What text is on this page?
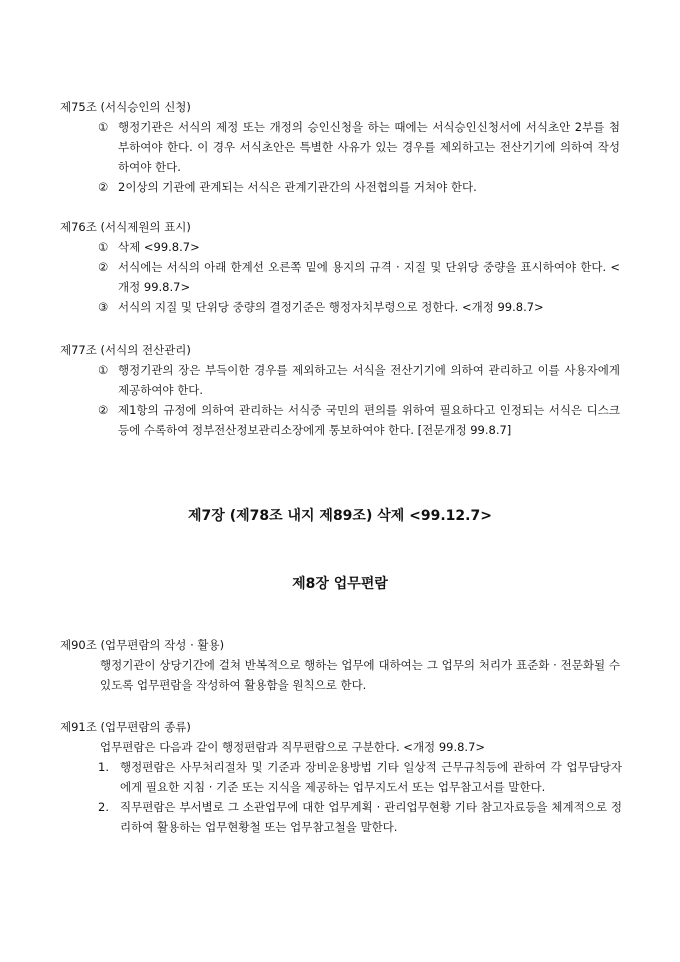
제75조 (서식승인의 신청)
① 행정기관은 서식의 제정 또는 개정의 승인신청을 하는 때에는 서식승인신청서에 서식초안 2부를 첨부하여야 한다. 이 경우 서식초안은 특별한 사유가 있는 경우를 제외하고는 전산기기에 의하여 작성하여야 한다.
② 2이상의 기관에 관계되는 서식은 관계기관간의 사전협의를 거쳐야 한다.
제76조 (서식제원의 표시)
① 삭제 <99.8.7>
② 서식에는 서식의 아래 한계선 오른쪽 밑에 용지의 규격 · 지질 및 단위당 중량을 표시하여야 한다. <개정 99.8.7>
③ 서식의 지질 및 단위당 중량의 결정기준은 행정자치부령으로 정한다. <개정 99.8.7>
제77조 (서식의 전산관리)
① 행정기관의 장은 부득이한 경우를 제외하고는 서식을 전산기기에 의하여 관리하고 이를 사용자에게 제공하여야 한다.
② 제1항의 규정에 의하여 관리하는 서식중 국민의 편의를 위하여 필요하다고 인정되는 서식은 디스크 등에 수록하여 정부전산정보관리소장에게 통보하여야 한다. [전문개정 99.8.7]
제7장 (제78조 내지 제89조) 삭제 <99.12.7>
제8장 업무편람
제90조 (업무편람의 작성 · 활용)
행정기관이 상당기간에 걸쳐 반복적으로 행하는 업무에 대하여는 그 업무의 처리가 표준화 · 전문화될 수 있도록 업무편람을 작성하여 활용함을 원칙으로 한다.
제91조 (업무편람의 종류)
업무편람은 다음과 같이 행정편람과 직무편람으로 구분한다. <개정 99.8.7>
1. 행정편람은 사무처리절차 및 기준과 장비운용방법 기타 일상적 근무규칙등에 관하여 각 업무담당자에게 필요한 지침 · 기준 또는 지식을 제공하는 업무지도서 또는 업무참고서를 말한다.
2. 직무편람은 부서별로 그 소관업무에 대한 업무계획 · 관리업무현황 기타 참고자료등을 체계적으로 정리하여 활용하는 업무현황철 또는 업무참고철을 말한다.
